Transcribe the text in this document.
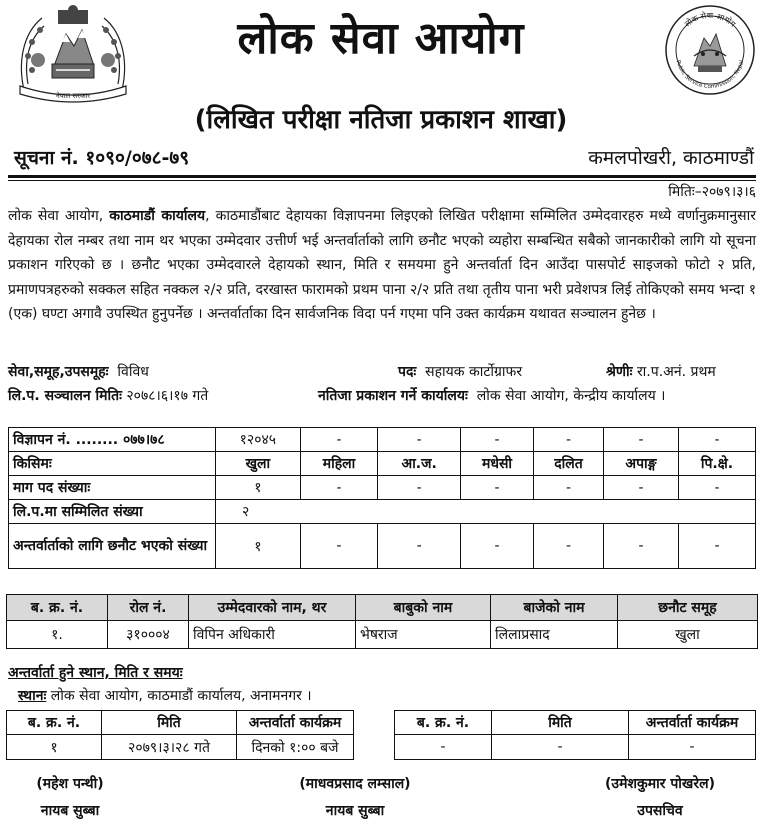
नेपाल सरकार
लोक सेवा आयोग
Public Service Commission, Nepal
लोक सेवा आयोग
(लिखित परीक्षा नतिजा प्रकाशन शाखा)
सूचना नं. १०९०/०७८-७९	कमलपोखरी, काठमाण्डौं
मितिः–२०७९।३।६
लोक सेवा आयोग, काठमाडौं कार्यालय, काठमाडौंबाट देहायका विज्ञापनमा लिइएको लिखित परीक्षामा सम्मिलित उम्मेदवारहरु मध्ये वर्णानुक्रमानुसार देहायका रोल नम्बर तथा नाम थर भएका उम्मेदवार उत्तीर्ण भई अन्तर्वार्ताको लागि छनौट भएको व्यहोरा सम्बन्धित सबैको जानकारीको लागि यो सूचना प्रकाशन गरिएको छ । छनौट भएका उम्मेदवारले देहायको स्थान, मिति र समयमा हुने अन्तर्वार्ता दिन आउँदा पासपोर्ट साइजको फोटो २ प्रति, प्रमाणपत्रहरुको सक्कल सहित नक्कल २/२ प्रति, दरखास्त फारामको प्रथम पाना २/२ प्रति तथा तृतीय पाना भरी प्रवेशपत्र लिई तोकिएको समय भन्दा १ (एक) घण्टा अगावै उपस्थित हुनुपर्नेछ । अन्तर्वार्ताका दिन सार्वजनिक विदा पर्न गएमा पनि उक्त कार्यक्रम यथावत सञ्चालन हुनेछ ।
सेवा,समूह,उपसमूहः विविध	पदः सहायक कार्टोग्राफर	श्रेणीः रा.प.अनं. प्रथम
लि.प. सञ्चालन मितिः २०७८।६।१७ गते	नतिजा प्रकाशन गर्ने कार्यालयः लोक सेवा आयोग, केन्द्रीय कार्यालय ।
विज्ञापन नं. ........ ०७७।७८	१२०४५	-	-	-	-	-	-
किसिमः	खुला	महिला	आ.ज.	मधेसी	दलित	अपाङ्ग	पि.क्षे.
माग पद संख्याः	१	-	-	-	-	-	-
लि.प.मा सम्मिलित संख्या	२						
अन्तर्वार्ताको लागि छनौट भएको संख्या	१	-	-	-	-	-	-
ब. क्र. नं.	रोल नं.	उम्मेदवारको नाम, थर	बाबुको नाम	बाजेको नाम	छनौट समूह
१.	३१०००४	विपिन अधिकारी	भेषराज	लिलाप्रसाद	खुला
अन्तर्वार्ता हुने स्थान, मिति र समयः
स्थानः लोक सेवा आयोग, काठमाडौं कार्यालय, अनामनगर ।
ब. क्र. नं.	मिति	अन्तर्वार्ता कार्यक्रम
१	२०७९।३।२८ गते	दिनको १:०० बजे
ब. क्र. नं.	मिति	अन्तर्वार्ता कार्यक्रम
-	-	-
(महेश पन्थी)
नायब सुब्बा
(माधवप्रसाद लम्साल)
नायब सुब्बा
(उमेशकुमार पोखरेल)
उपसचिव
